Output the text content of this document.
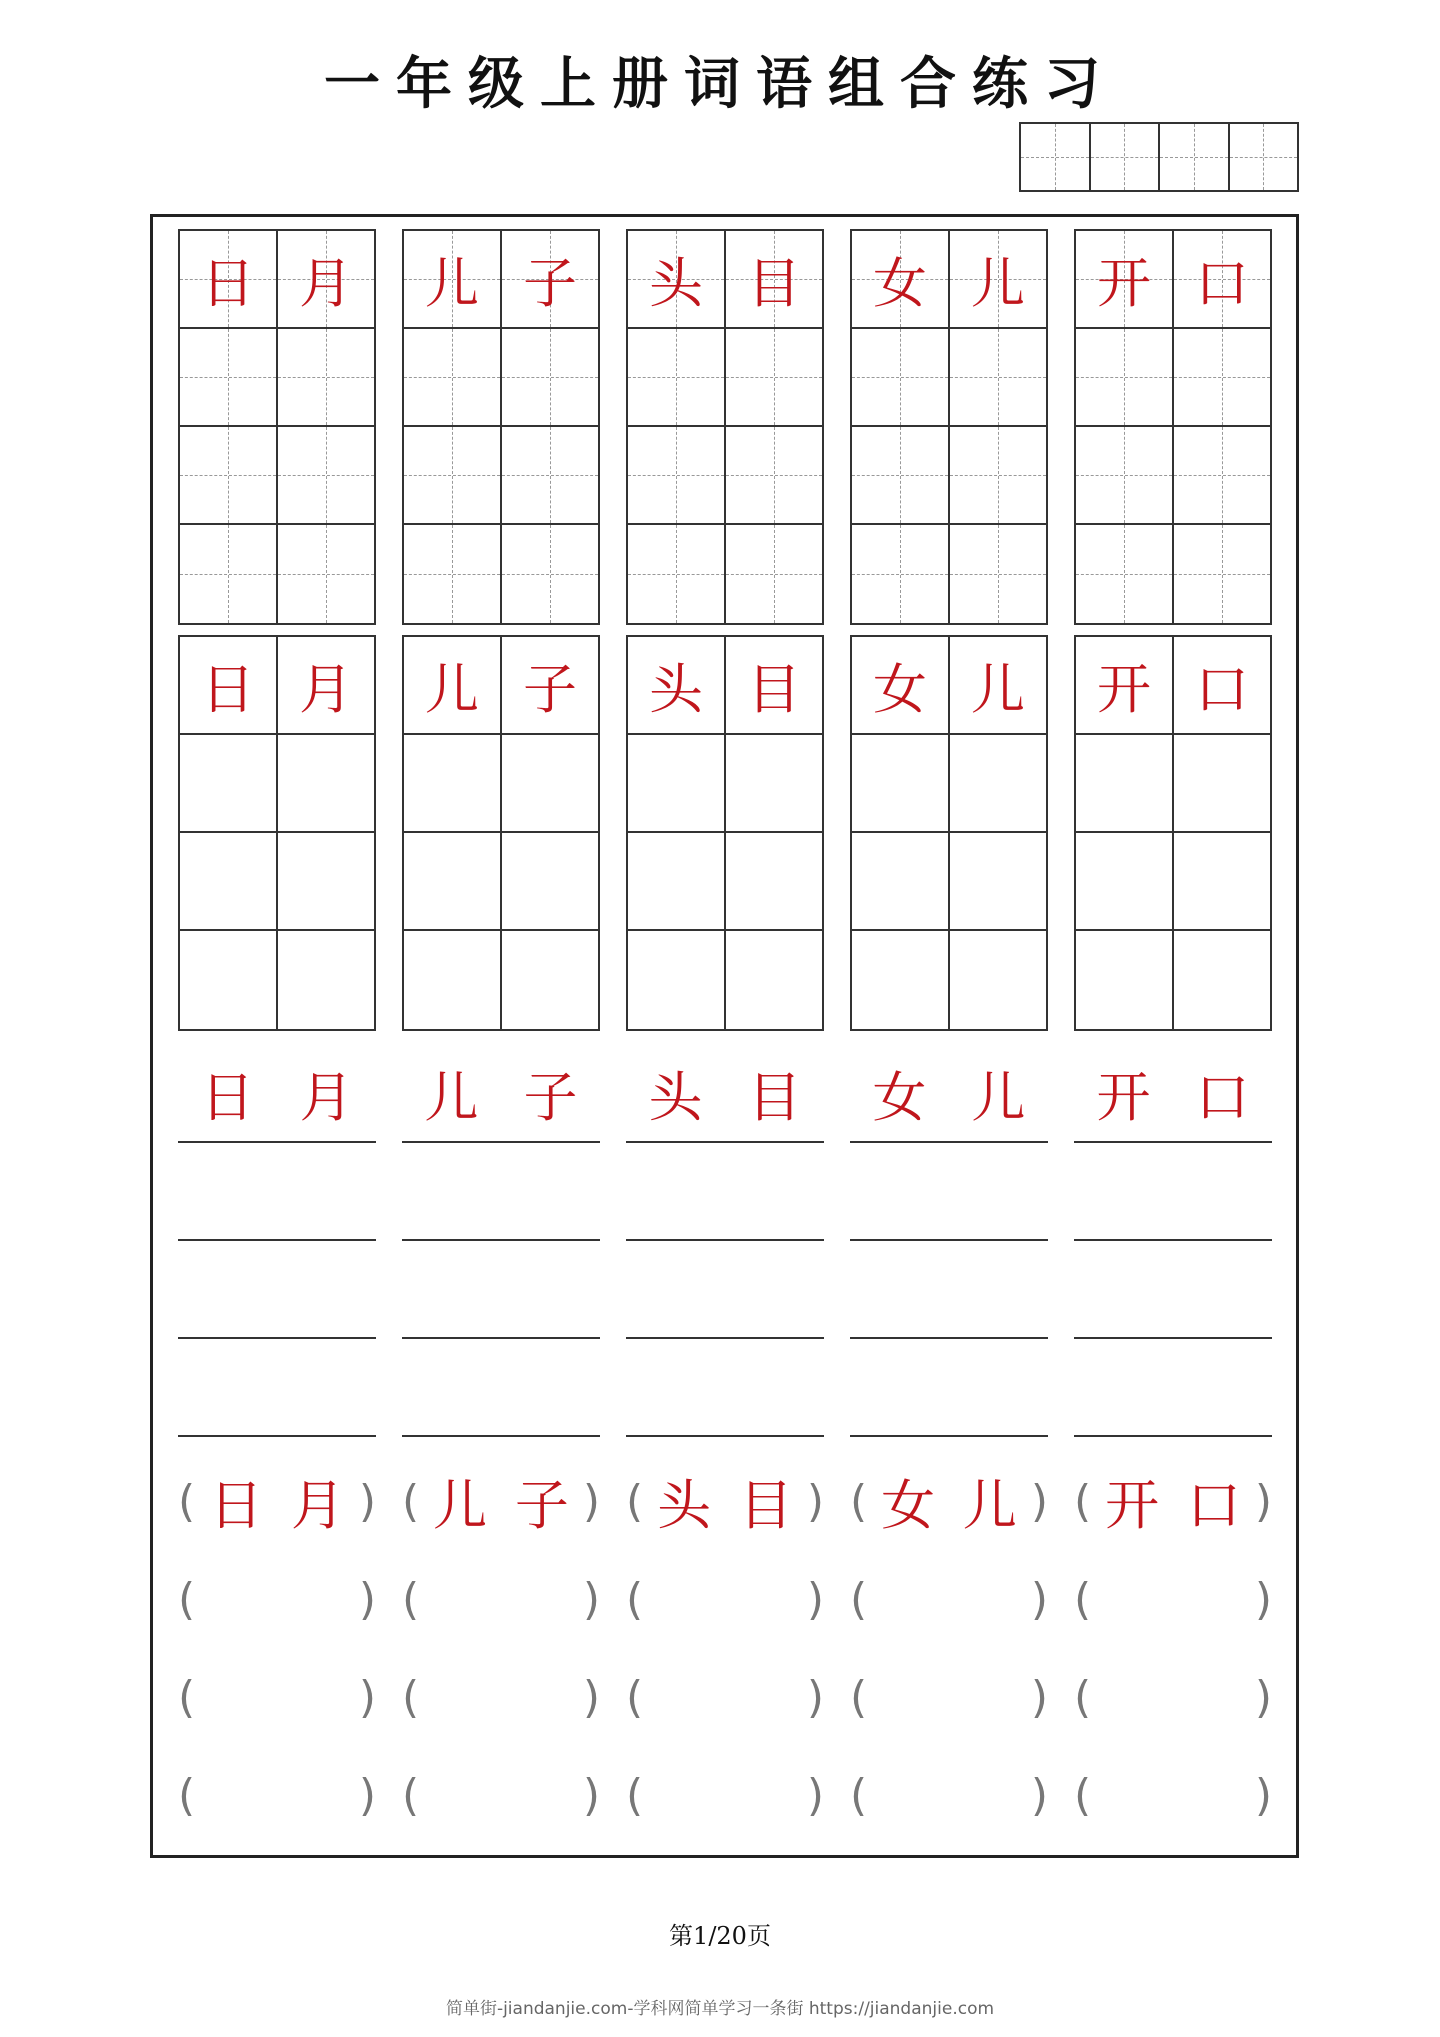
一年级上册词语组合练习
日 月
日 月
日 月
( 日 月 )
(	)
(	)
(	)
儿 子
儿 子
儿 子
( 儿 子 )
(	)
(	)
(	)
头 目
头 目
头 目
( 头 目 )
(	)
(	)
(	)
女 儿
女 儿
女 儿
( 女 儿 )
(	)
(	)
(	)
开 口
开 口
开 口
( 开 口 )
(	)
(	)
(	)
第1/20页
简单街-jiandanjie.com-学科网简单学习一条街 https://jiandanjie.com
